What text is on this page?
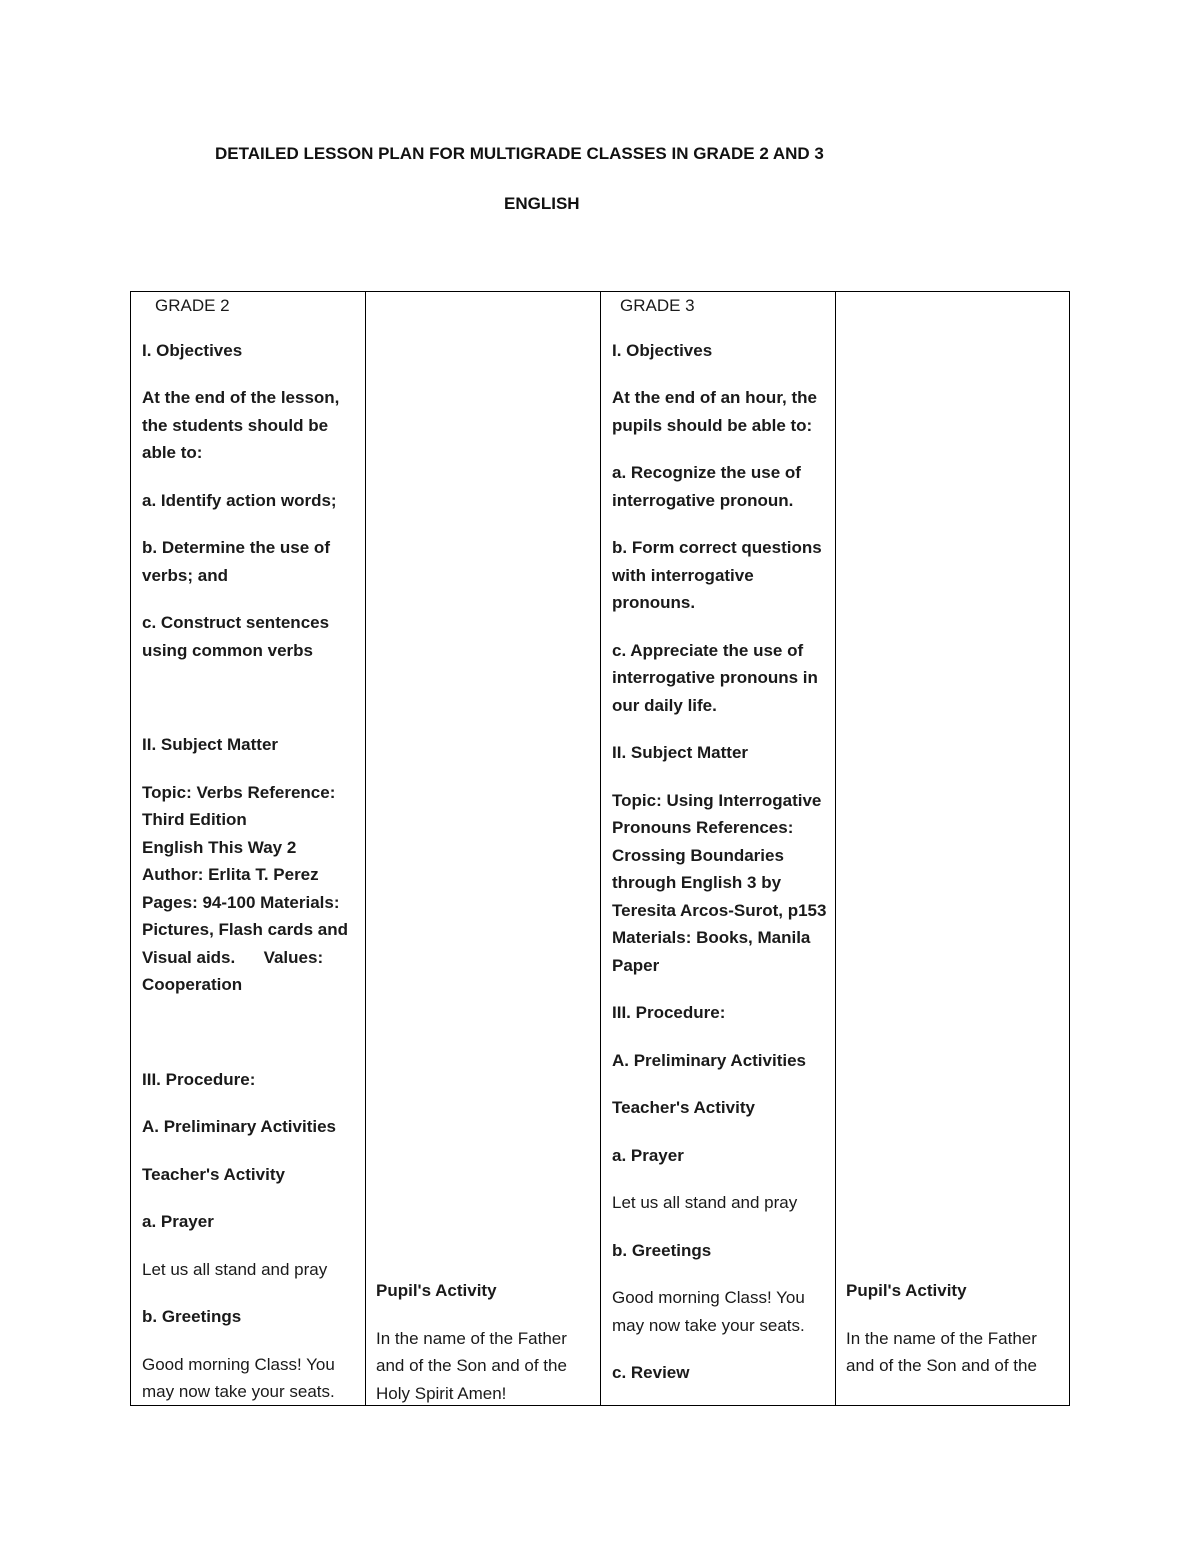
DETAILED LESSON PLAN FOR MULTIGRADE CLASSES IN GRADE 2 AND 3
ENGLISH

GRADE 2

I. Objectives

At the end of the lesson, the students should be able to:

a. Identify action words;

b. Determine the use of verbs; and

c. Construct sentences using common verbs

II. Subject Matter

Topic: Verbs Reference: Third Edition
English This Way 2
Author: Erlita T. Perez

Pages: 94-100 Materials: Pictures, Flash cards and Visual aids.      Values: Cooperation

III. Procedure:

A. Preliminary Activities

Teacher's Activity

a. Prayer

Let us all stand and pray

b. Greetings

Good morning Class! You may now take your seats.

Pupil's Activity

In the name of the Father and of the Son and of the Holy Spirit Amen!

GRADE 3

I. Objectives

At the end of an hour, the pupils should be able to:

a. Recognize the use of interrogative pronoun.

b. Form correct questions with interrogative pronouns.

c. Appreciate the use of interrogative pronouns in our daily life.

II. Subject Matter

Topic: Using Interrogative Pronouns References: Crossing Boundaries through English 3 by Teresita Arcos-Surot, p153 Materials: Books, Manila Paper

III. Procedure:

A. Preliminary Activities

Teacher's Activity

a. Prayer

Let us all stand and pray

b. Greetings

Good morning Class! You may now take your seats.

c. Review

Pupil's Activity

In the name of the Father and of the Son and of the
